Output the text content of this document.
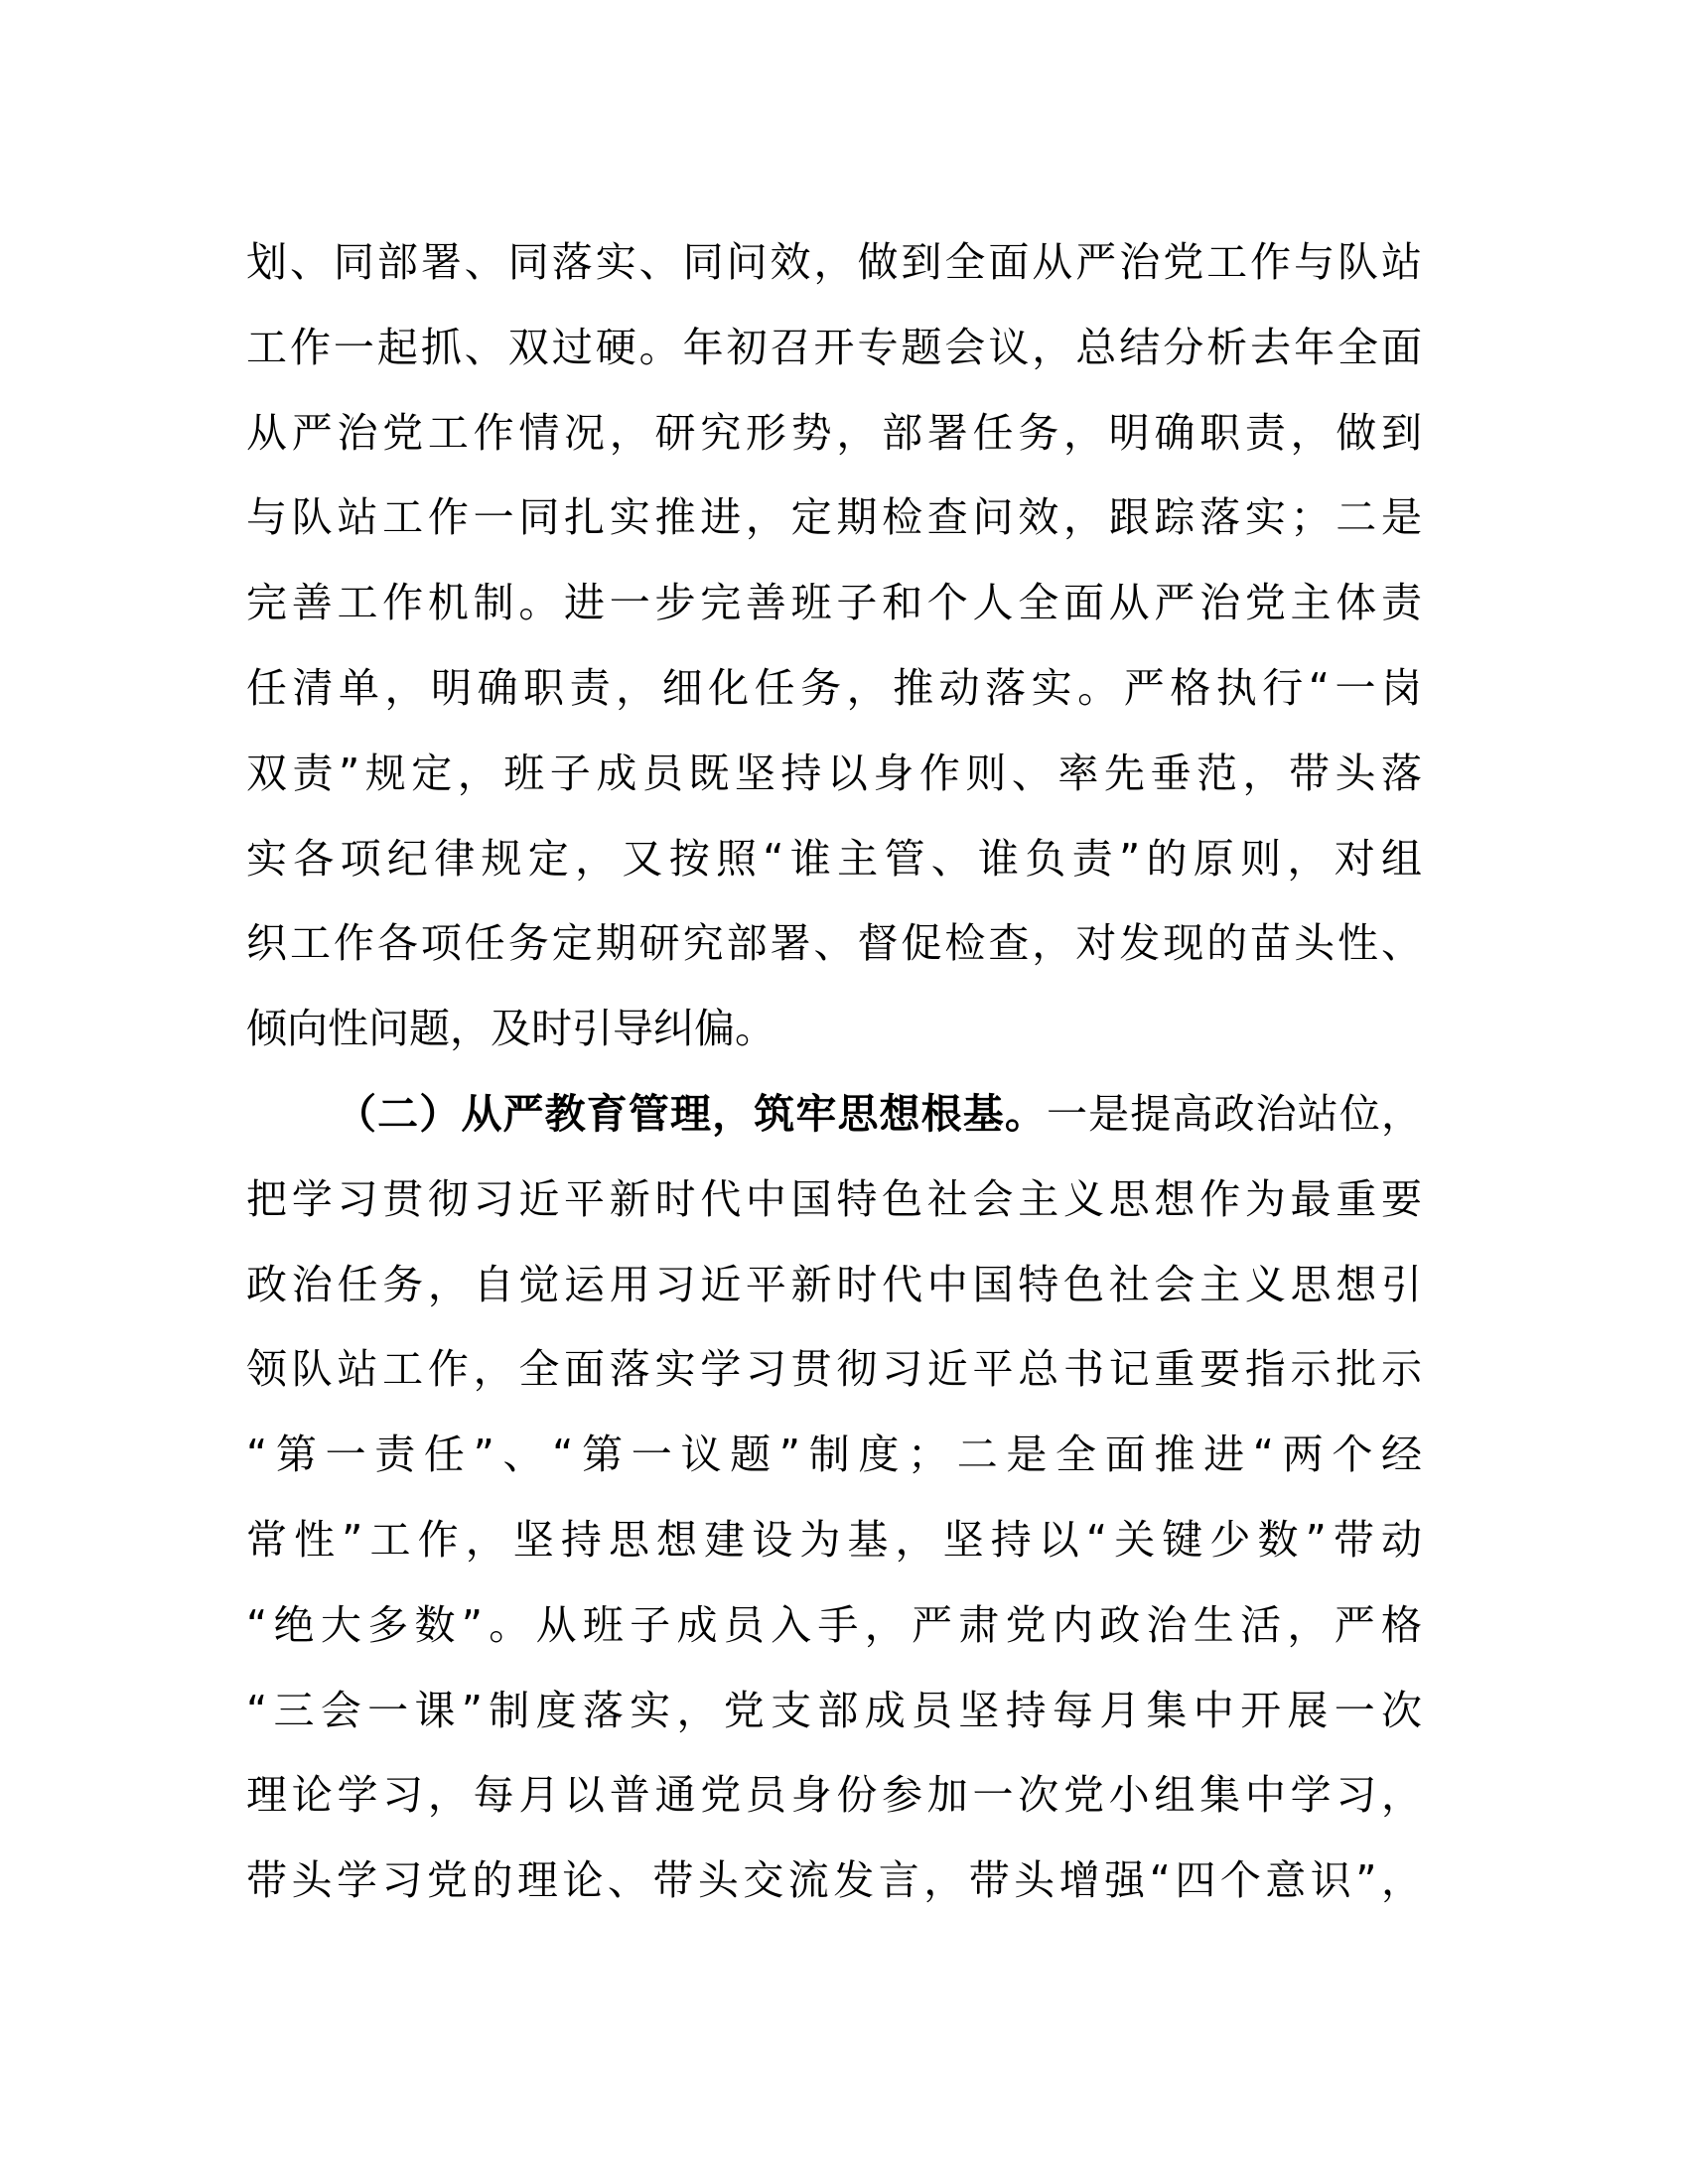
划、同部署、同落实、同问效，做到全面从严治党工作与队站
工作一起抓、双过硬。年初召开专题会议，总结分析去年全面
从严治党工作情况，研究形势，部署任务，明确职责，做到
与队站工作一同扎实推进，定期检查问效，跟踪落实；二是
完善工作机制。进一步完善班子和个人全面从严治党主体责
任清单，明确职责，细化任务，推动落实。严格执行“一岗
双责”规定，班子成员既坚持以身作则、率先垂范，带头落
实各项纪律规定，又按照“谁主管、谁负责”的原则，对组
织工作各项任务定期研究部署、督促检查，对发现的苗头性、
倾向性问题，及时引导纠偏。
（二）从严教育管理，筑牢思想根基。一是提高政治站位，
把学习贯彻习近平新时代中国特色社会主义思想作为最重要
政治任务，自觉运用习近平新时代中国特色社会主义思想引
领队站工作，全面落实学习贯彻习近平总书记重要指示批示
“第一责任”、“第一议题”制度；二是全面推进“两个经
常性”工作，坚持思想建设为基，坚持以“关键少数”带动
“绝大多数”。从班子成员入手，严肃党内政治生活，严格
“三会一课”制度落实，党支部成员坚持每月集中开展一次
理论学习，每月以普通党员身份参加一次党小组集中学习，
带头学习党的理论、带头交流发言，带头增强“四个意识”，
